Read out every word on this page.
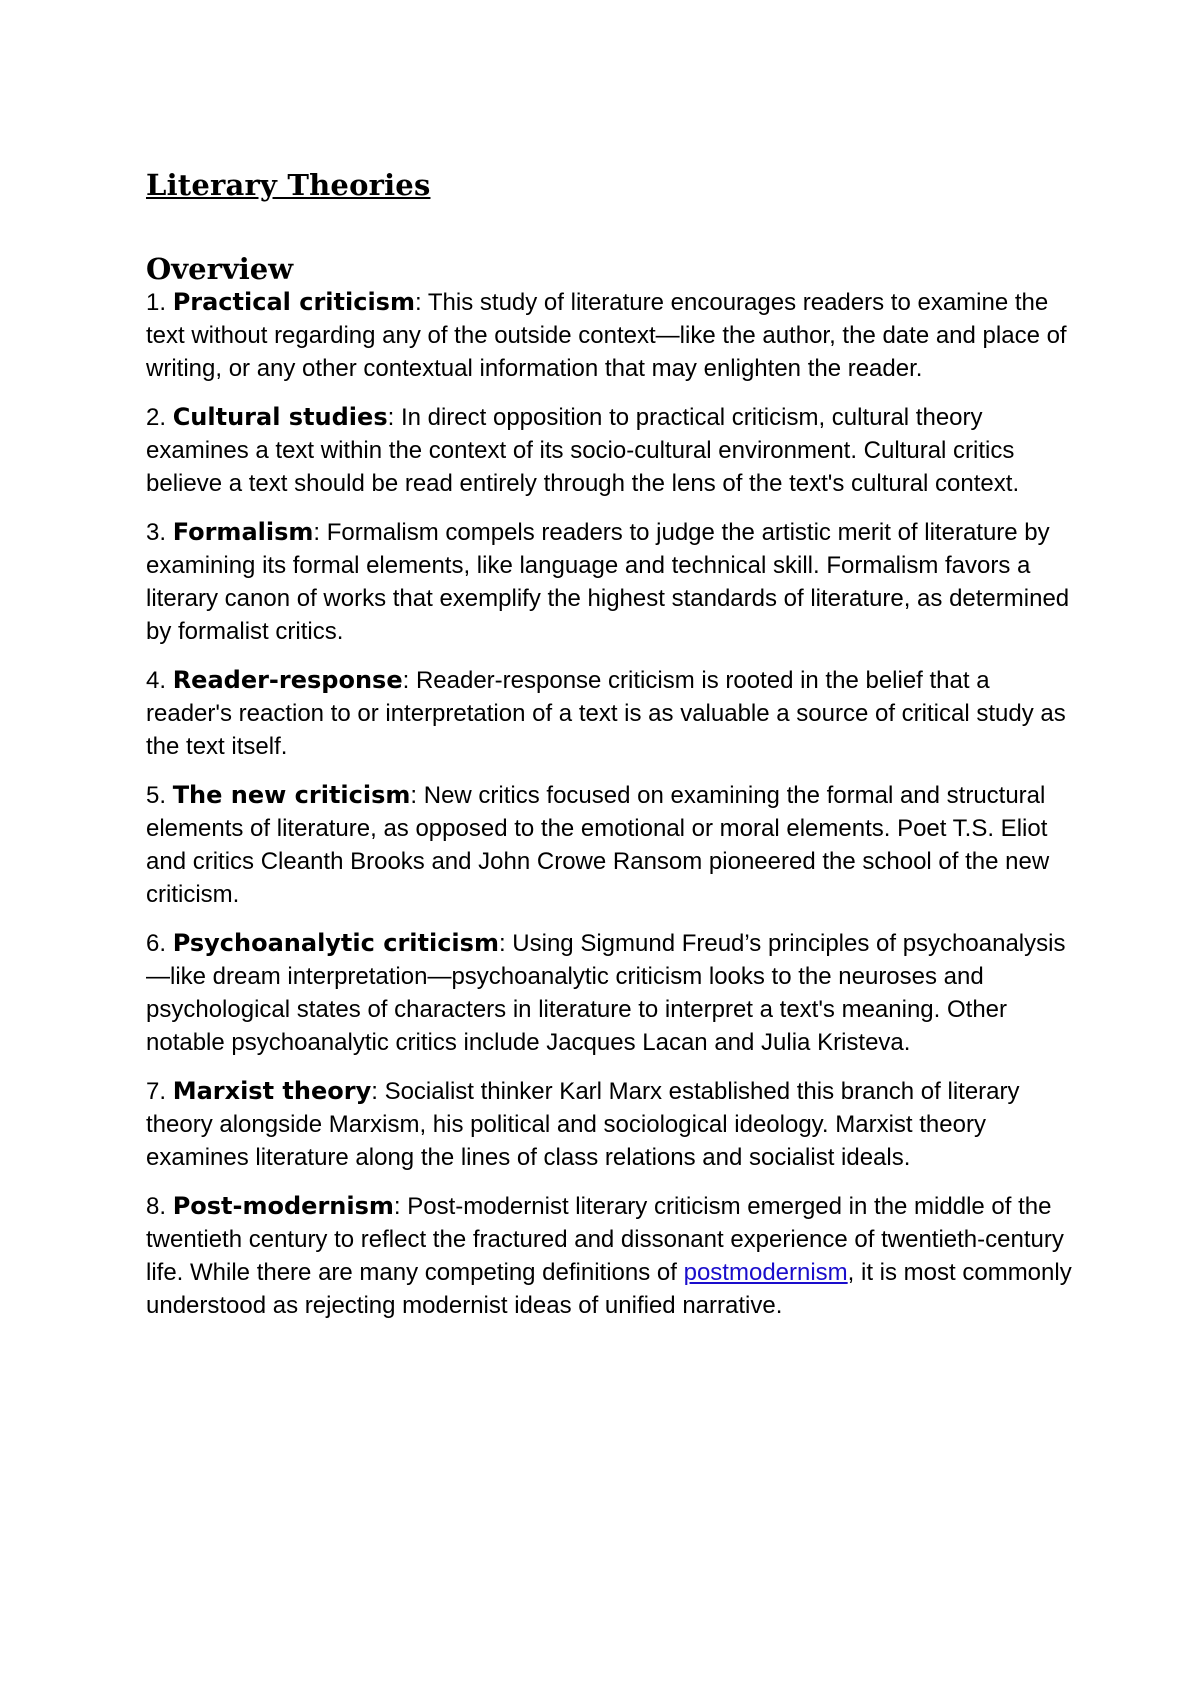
Literary Theories
Overview

1. Practical criticism: This study of literature encourages readers to examine the text without regarding any of the outside context—like the author, the date and place of writing, or any other contextual information that may enlighten the reader.

2. Cultural studies: In direct opposition to practical criticism, cultural theory examines a text within the context of its socio-cultural environment. Cultural critics believe a text should be read entirely through the lens of the text's cultural context.

3. Formalism: Formalism compels readers to judge the artistic merit of literature by examining its formal elements, like language and technical skill. Formalism favors a literary canon of works that exemplify the highest standards of literature, as determined by formalist critics.

4. Reader-response: Reader-response criticism is rooted in the belief that a reader's reaction to or interpretation of a text is as valuable a source of critical study as the text itself.

5. The new criticism: New critics focused on examining the formal and structural elements of literature, as opposed to the emotional or moral elements. Poet T.S. Eliot and critics Cleanth Brooks and John Crowe Ransom pioneered the school of the new criticism.

6. Psychoanalytic criticism: Using Sigmund Freud’s principles of psychoanalysis—like dream interpretation—psychoanalytic criticism looks to the neuroses and psychological states of characters in literature to interpret a text's meaning. Other notable psychoanalytic critics include Jacques Lacan and Julia Kristeva.

7. Marxist theory: Socialist thinker Karl Marx established this branch of literary theory alongside Marxism, his political and sociological ideology. Marxist theory examines literature along the lines of class relations and socialist ideals.

8. Post-modernism: Post-modernist literary criticism emerged in the middle of the twentieth century to reflect the fractured and dissonant experience of twentieth-century life. While there are many competing definitions of postmodernism, it is most commonly understood as rejecting modernist ideas of unified narrative.
